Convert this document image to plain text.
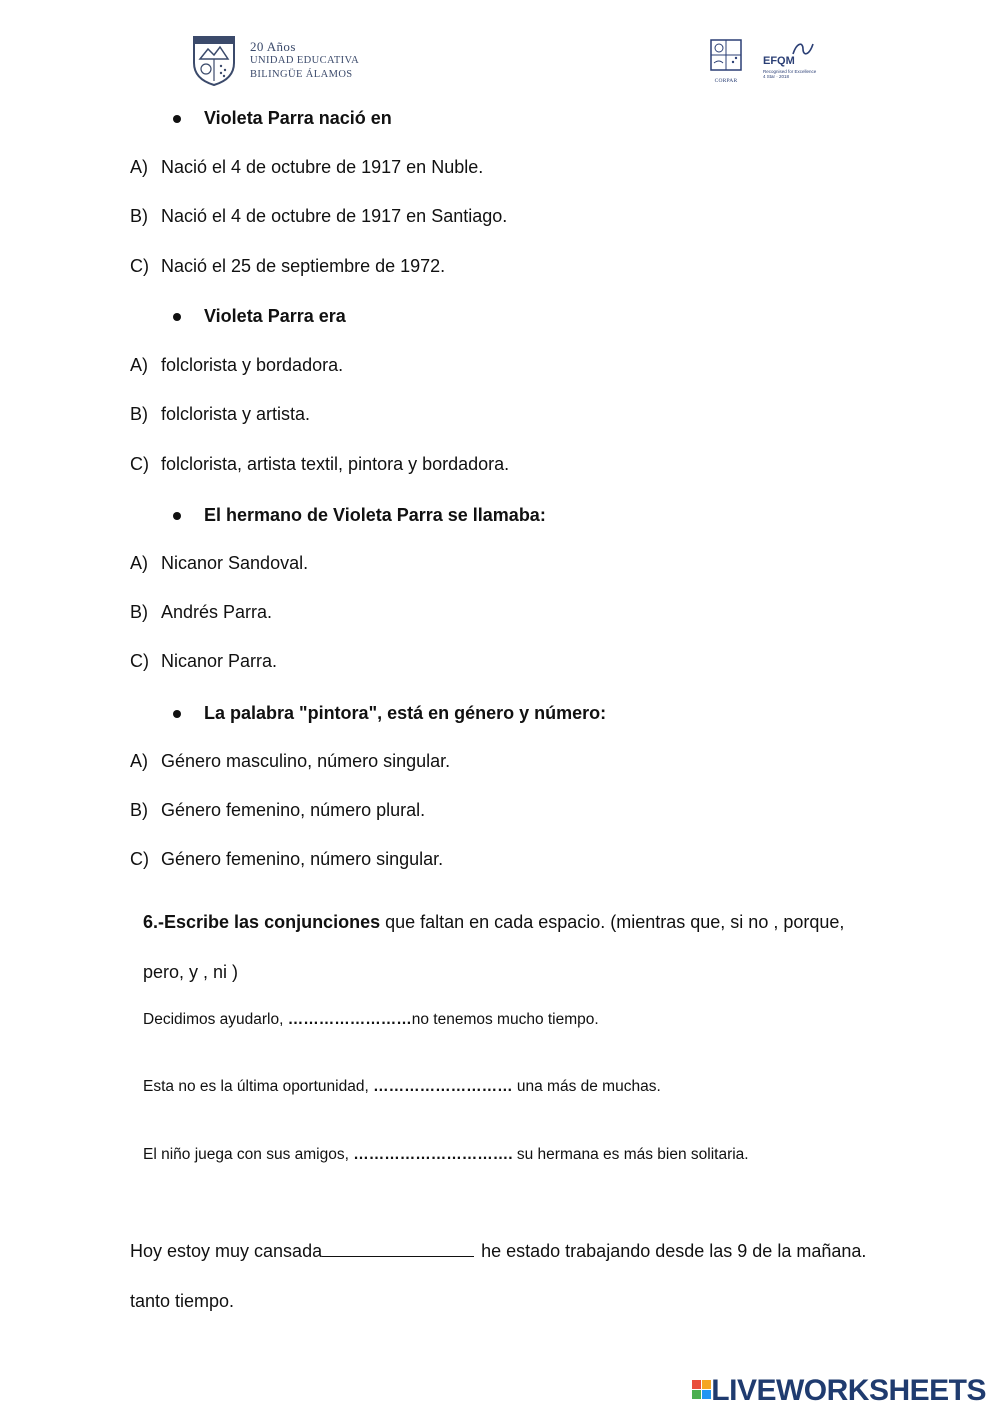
20 Años
UNIDAD EDUCATIVA
BILINGÜE ÁLAMOS
CORPAR
EFQM
Recognised for Excellence
4 Star · 2018
Violeta Parra nació en
A) Nació el 4 de octubre de 1917 en Nuble.
B) Nació el 4 de octubre de 1917 en Santiago.
C) Nació el 25 de septiembre de 1972.
Violeta Parra era
A) folclorista y bordadora.
B) folclorista y artista.
C) folclorista, artista textil, pintora y bordadora.
El hermano de Violeta Parra se llamaba:
A) Nicanor Sandoval.
B) Andrés Parra.
C) Nicanor Parra.
La palabra "pintora", está en género y número:
A) Género masculino, número singular.
B) Género femenino, número plural.
C) Género femenino, número singular.
6.-Escribe las conjunciones que faltan en cada espacio. (mientras que, si no , porque,
pero, y , ni )
Decidimos ayudarlo, ……………………no tenemos mucho tiempo.
Esta no es la última oportunidad, ……………………… una más de muchas.
El niño juega con sus amigos, …………………………. su hermana es más bien solitaria.
Hoy estoy muy cansada	he estado trabajando desde las 9 de la mañana.
tanto tiempo.
LIVEWORKSHEETS
